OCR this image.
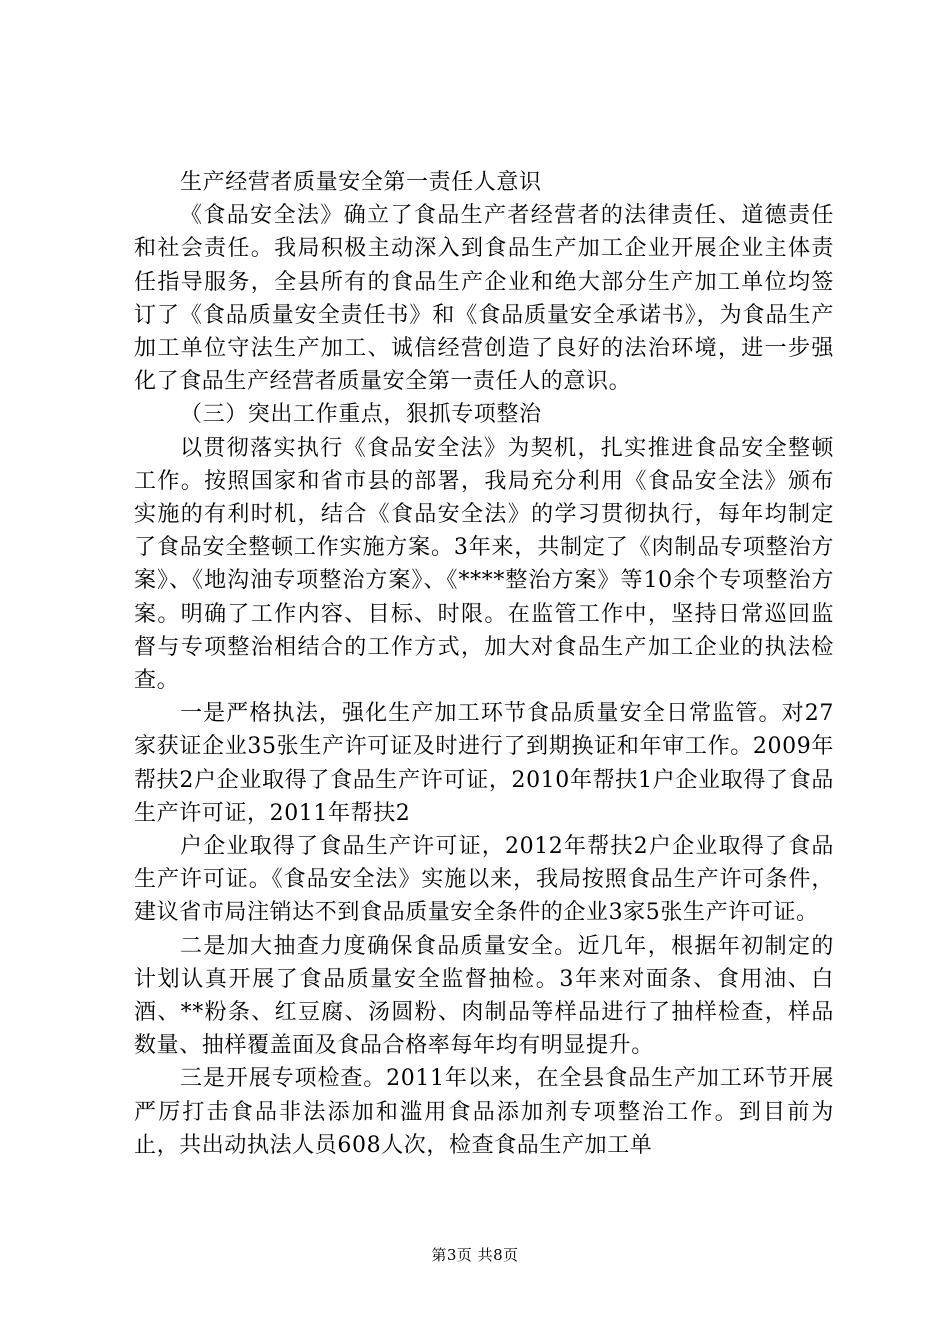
生产经营者质量安全第一责任人意识

《食品安全法》确立了食品生产者经营者的法律责任、道德责任和社会责任。我局积极主动深入到食品生产加工企业开展企业主体责任指导服务，全县所有的食品生产企业和绝大部分生产加工单位均签订了《食品质量安全责任书》和《食品质量安全承诺书》，为食品生产加工单位守法生产加工、诚信经营创造了良好的法治环境，进一步强化了食品生产经营者质量安全第一责任人的意识。

（三）突出工作重点，狠抓专项整治

以贯彻落实执行《食品安全法》为契机，扎实推进食品安全整顿工作。按照国家和省市县的部署，我局充分利用《食品安全法》颁布实施的有利时机，结合《食品安全法》的学习贯彻执行，每年均制定了食品安全整顿工作实施方案。3年来，共制定了《肉制品专项整治方案》、《地沟油专项整治方案》、《****整治方案》等10余个专项整治方案。明确了工作内容、目标、时限。在监管工作中，坚持日常巡回监督与专项整治相结合的工作方式，加大对食品生产加工企业的执法检查。

一是严格执法，强化生产加工环节食品质量安全日常监管。对27家获证企业35张生产许可证及时进行了到期换证和年审工作。2009年帮扶2户企业取得了食品生产许可证，2010年帮扶1户企业取得了食品生产许可证，2011年帮扶2

户企业取得了食品生产许可证，2012年帮扶2户企业取得了食品生产许可证。《食品安全法》实施以来，我局按照食品生产许可条件，建议省市局注销达不到食品质量安全条件的企业3家5张生产许可证。

二是加大抽查力度确保食品质量安全。近几年，根据年初制定的计划认真开展了食品质量安全监督抽检。3年来对面条、食用油、白酒、**粉条、红豆腐、汤圆粉、肉制品等样品进行了抽样检查，样品数量、抽样覆盖面及食品合格率每年均有明显提升。

三是开展专项检查。2011年以来，在全县食品生产加工环节开展严厉打击食品非法添加和滥用食品添加剂专项整治工作。到目前为止，共出动执法人员608人次，检查食品生产加工单

第3页 共8页
